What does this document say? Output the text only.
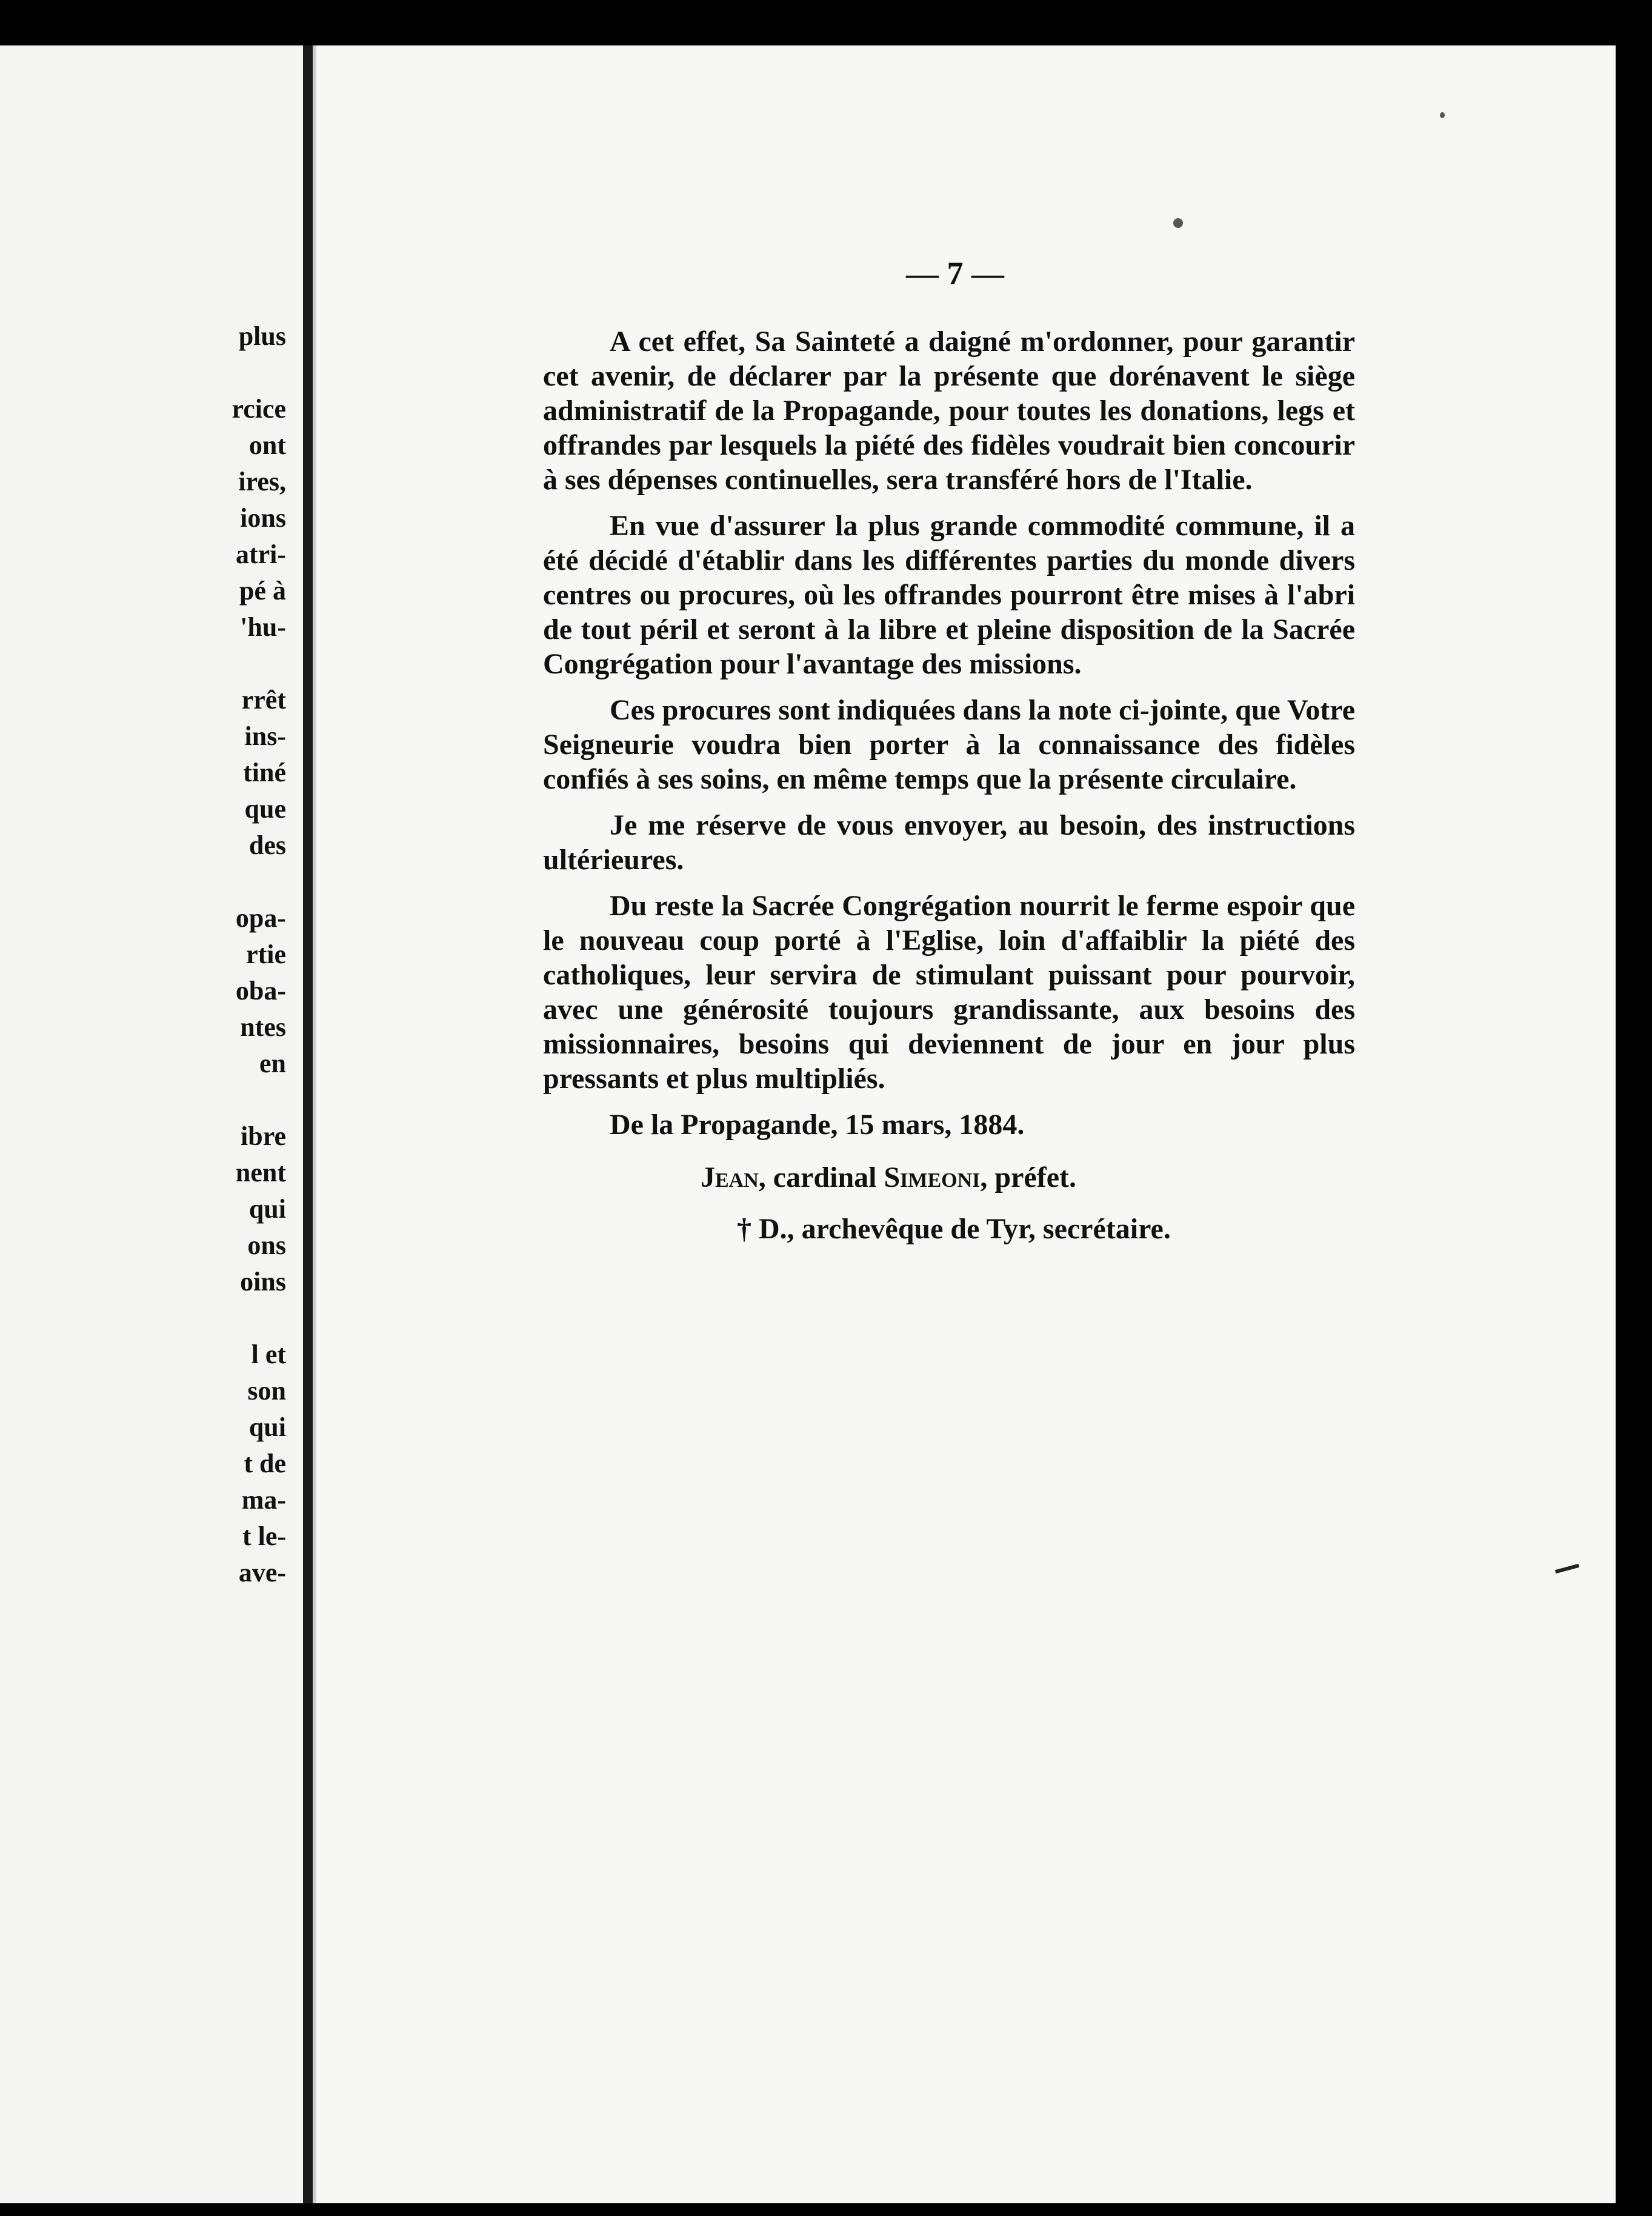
plus
rcice
ont
ires,
ions
atri-
pé à
'hu-
rrêt
ins-
tiné
que
des
opa-
rtie
oba-
ntes
en
ibre
nent
qui
ons
oins
l et
son
qui
t de
ma-
t le-
ave-
— 7 —

A cet effet, Sa Sainteté a daigné m'ordonner, pour garantir cet avenir, de déclarer par la présente que dorénavent le siège administratif de la Propagande, pour toutes les donations, legs et offrandes par lesquels la piété des fidèles voudrait bien concourir à ses dépenses continuelles, sera transféré hors de l'Italie.

En vue d'assurer la plus grande commodité commune, il a été décidé d'établir dans les différentes parties du monde divers centres ou procures, où les offrandes pourront être mises à l'abri de tout péril et seront à la libre et pleine disposition de la Sacrée Congrégation pour l'avantage des missions.

Ces procures sont indiquées dans la note ci-jointe, que Votre Seigneurie voudra bien porter à la connaissance des fidèles confiés à ses soins, en même temps que la présente circulaire.

Je me réserve de vous envoyer, au besoin, des instructions ultérieures.

Du reste la Sacrée Congrégation nourrit le ferme espoir que le nouveau coup porté à l'Eglise, loin d'affaiblir la piété des catholiques, leur servira de stimulant puissant pour pourvoir, avec une générosité toujours grandissante, aux besoins des missionnaires, besoins qui deviennent de jour en jour plus pressants et plus multipliés.

De la Propagande, 15 mars, 1884.
Jean, cardinal Simeoni, préfet.
† D., archevêque de Tyr, secrétaire.
